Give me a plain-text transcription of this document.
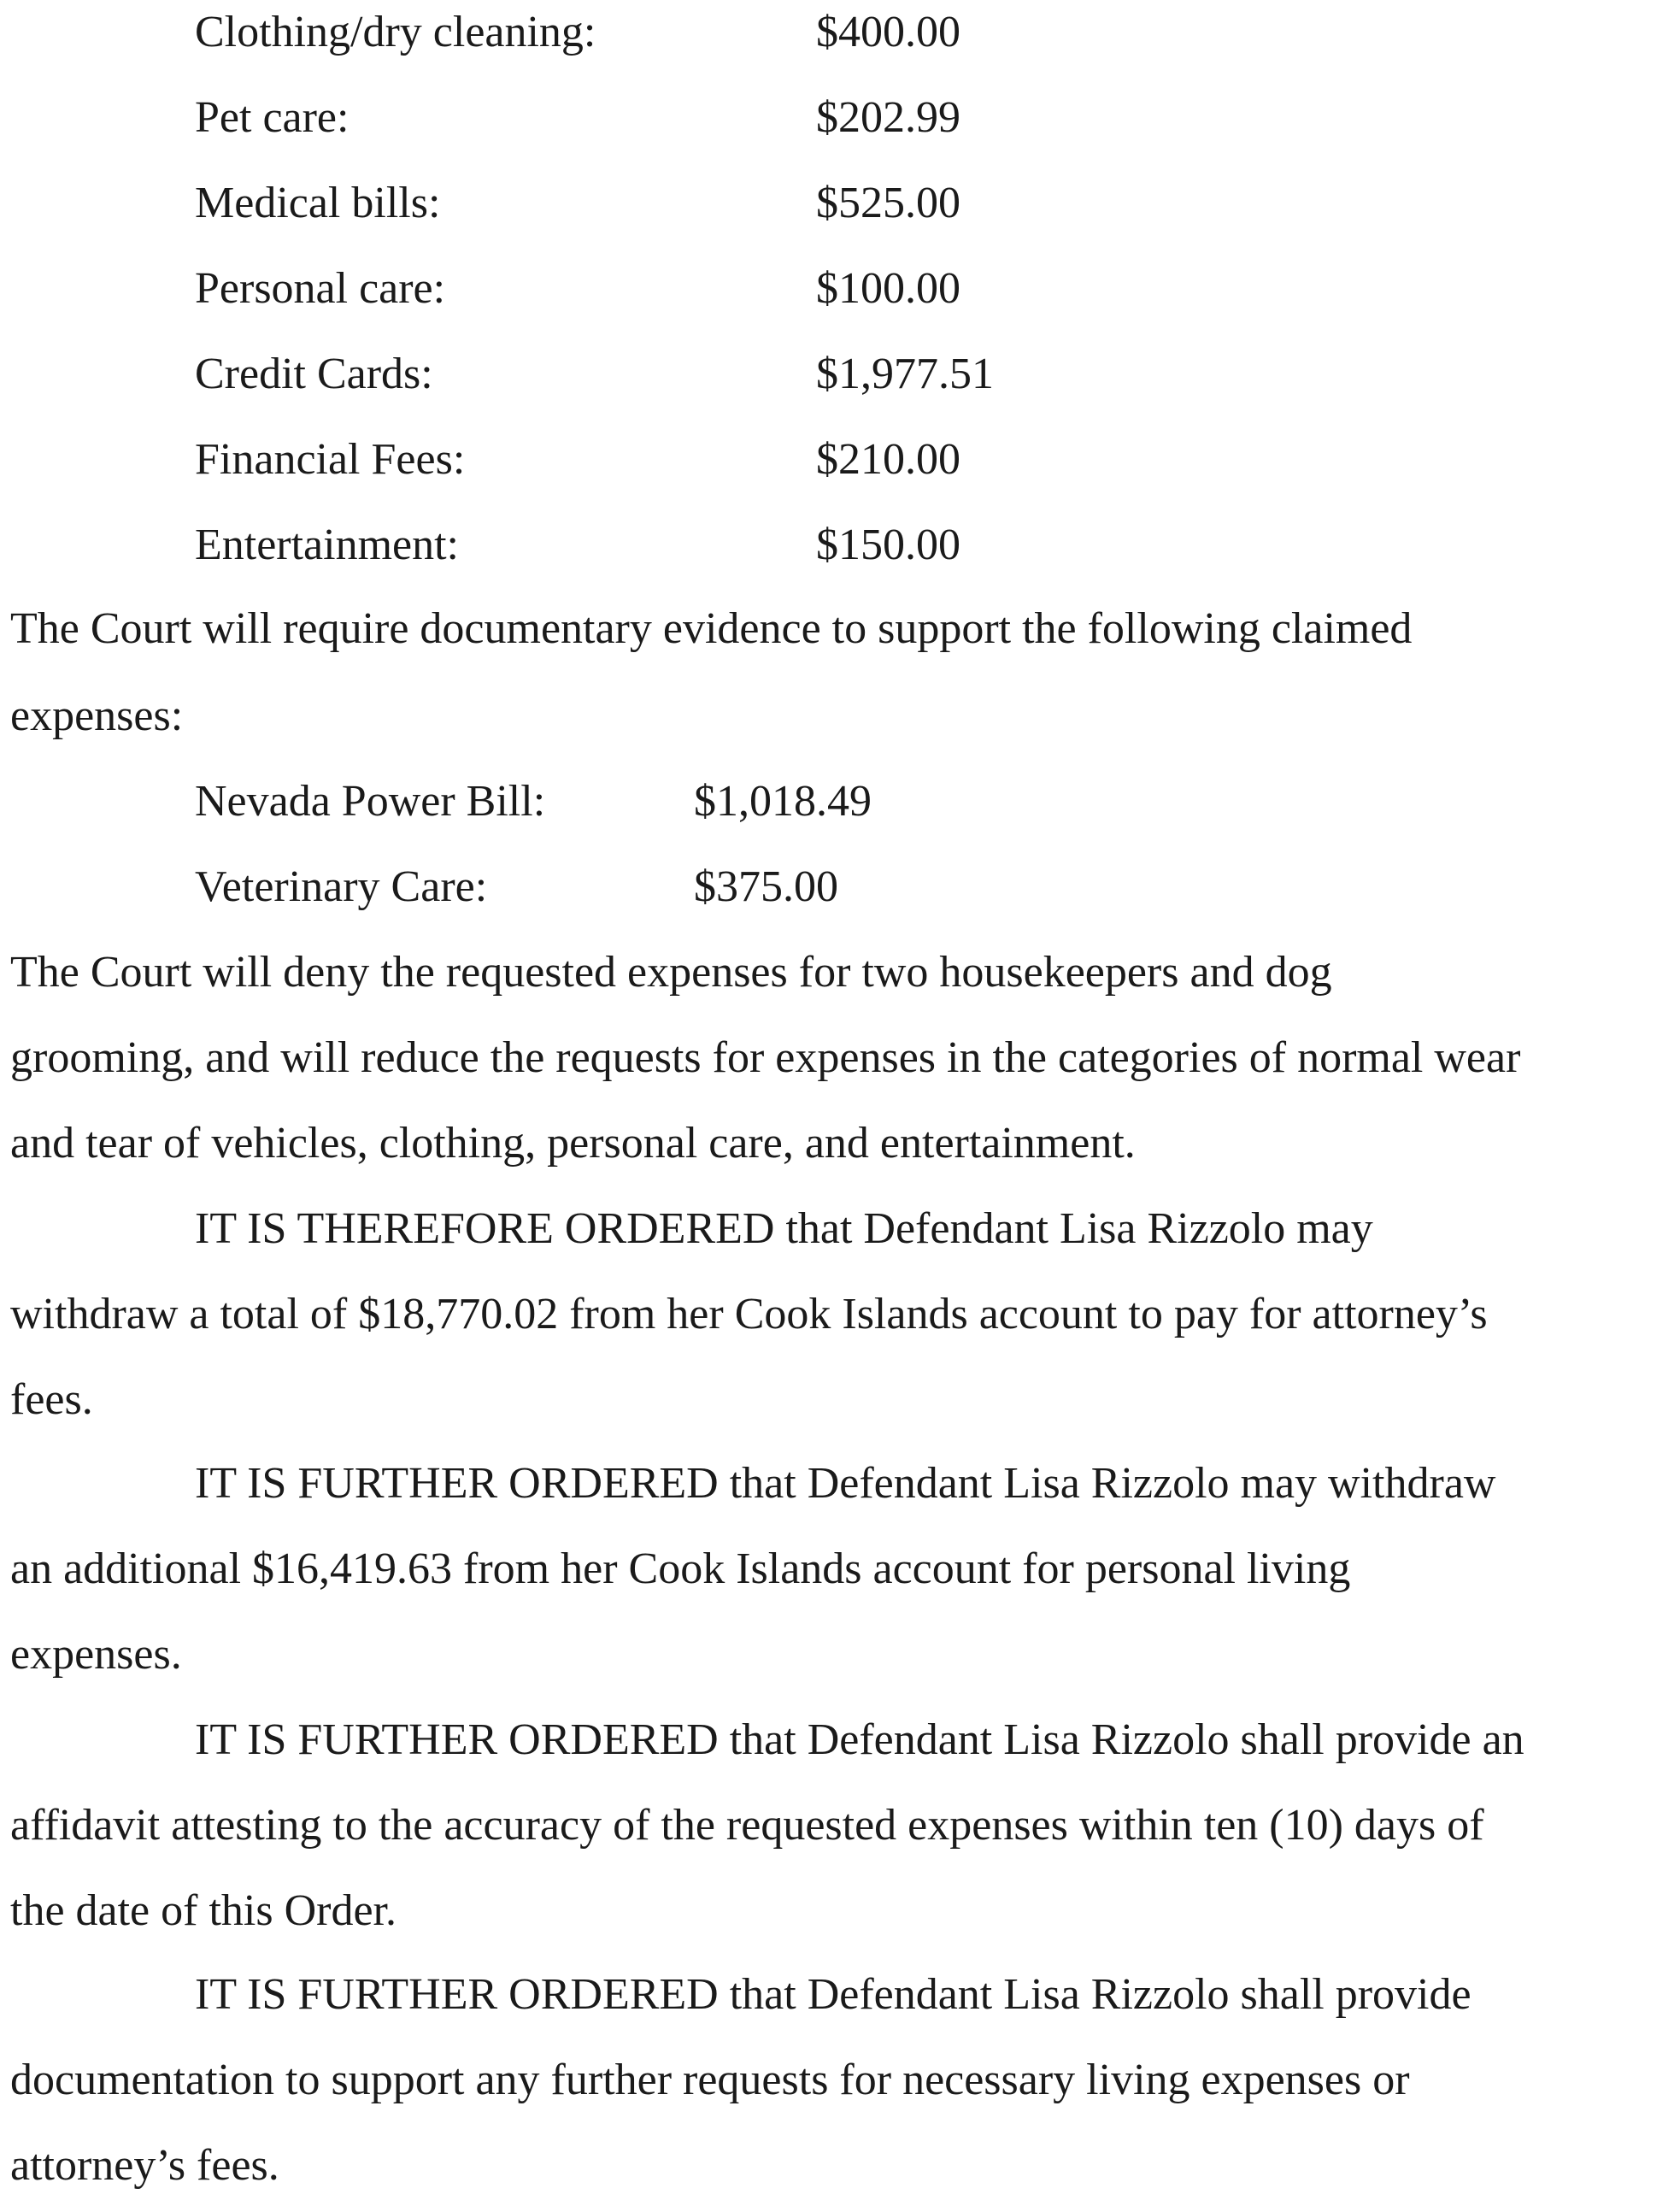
Clothing/dry cleaning:	$400.00
Pet care:	$202.99
Medical bills:	$525.00
Personal care:	$100.00
Credit Cards:	$1,977.51
Financial Fees:	$210.00
Entertainment:	$150.00
The Court will require documentary evidence to support the following claimed
expenses:
Nevada Power Bill:	$1,018.49
Veterinary Care:	$375.00
The Court will deny the requested expenses for two housekeepers and dog
grooming, and will reduce the requests for expenses in the categories of normal wear
and tear of vehicles, clothing, personal care, and entertainment.
IT IS THEREFORE ORDERED that Defendant Lisa Rizzolo may
withdraw a total of $18,770.02 from her Cook Islands account to pay for attorney’s
fees.
IT IS FURTHER ORDERED that Defendant Lisa Rizzolo may withdraw
an additional $16,419.63 from her Cook Islands account for personal living
expenses.
IT IS FURTHER ORDERED that Defendant Lisa Rizzolo shall provide an
affidavit attesting to the accuracy of the requested expenses within ten (10) days of
the date of this Order.
IT IS FURTHER ORDERED that Defendant Lisa Rizzolo shall provide
documentation to support any further requests for necessary living expenses or
attorney’s fees.
